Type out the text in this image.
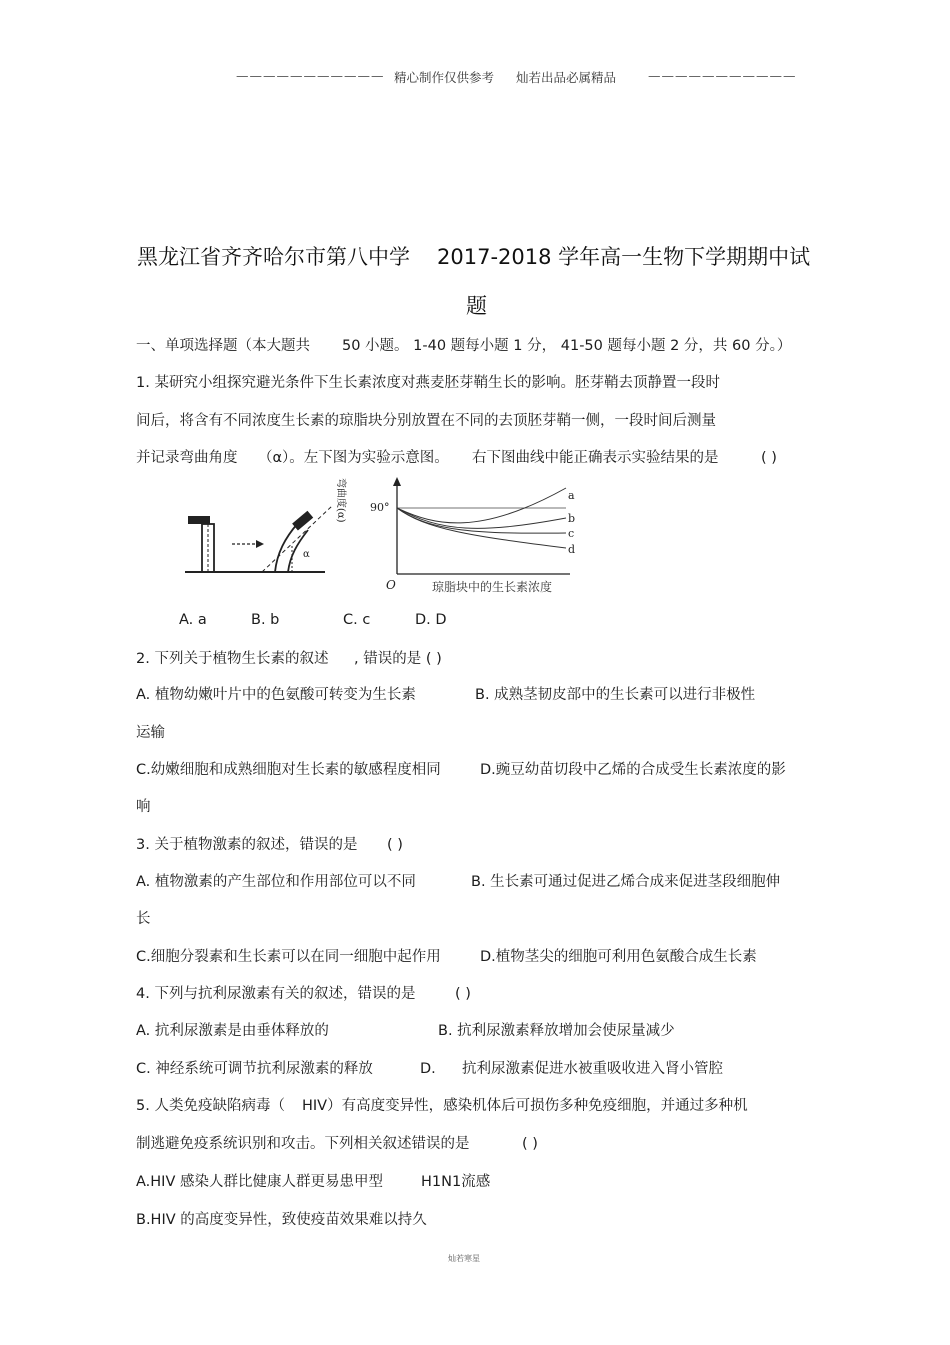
——————————— 精心制作仅供参考 灿若出品必属精品	———————————
黑龙江省齐齐哈尔市第八中学 2017-2018 学年高一生物下学期期中试
题
一、单项选择题（本大题共 50 小题。 1-40 题每小题 1 分， 41-50 题每小题 2 分，共 60 分。）
1. 某研究小组探究避光条件下生长素浓度对燕麦胚芽鞘生长的影响。胚芽鞘去顶静置一段时
间后，将含有不同浓度生长素的琼脂块分别放置在不同的去顶胚芽鞘一侧，一段时间后测量
并记录弯曲角度 （α）。左下图为实验示意图。 右下图曲线中能正确表示实验结果的是	( )
α
弯曲度(α) 90°
a
b
c
d
O	琼脂块中的生长素浓度
A. a	B. b	C. c	D. D
2. 下列关于植物生长素的叙述 , 错误的是 ( )
A. 植物幼嫩叶片中的色氨酸可转变为生长素	B. 成熟茎韧皮部中的生长素可以进行非极性
运输
C.幼嫩细胞和成熟细胞对生长素的敏感程度相同	D.豌豆幼苗切段中乙烯的合成受生长素浓度的影
响
3. 关于植物激素的叙述，错误的是 ( )
A. 植物激素的产生部位和作用部位可以不同	B. 生长素可通过促进乙烯合成来促进茎段细胞伸
长
C.细胞分裂素和生长素可以在同一细胞中起作用	D.植物茎尖的细胞可利用色氨酸合成生长素
4. 下列与抗利尿激素有关的叙述，错误的是	( )
A. 抗利尿激素是由垂体释放的	B. 抗利尿激素释放增加会使尿量减少
C. 神经系统可调节抗利尿激素的释放	D. 抗利尿激素促进水被重吸收进入肾小管腔
5. 人类免疫缺陷病毒（ HIV）有高度变异性，感染机体后可损伤多种免疫细胞，并通过多种机
制逃避免疫系统识别和攻击。下列相关叙述错误的是	( )
A.HIV 感染人群比健康人群更易患甲型	H1N1流感
B.HIV 的高度变异性，致使疫苗效果难以持久
灿若寒星
